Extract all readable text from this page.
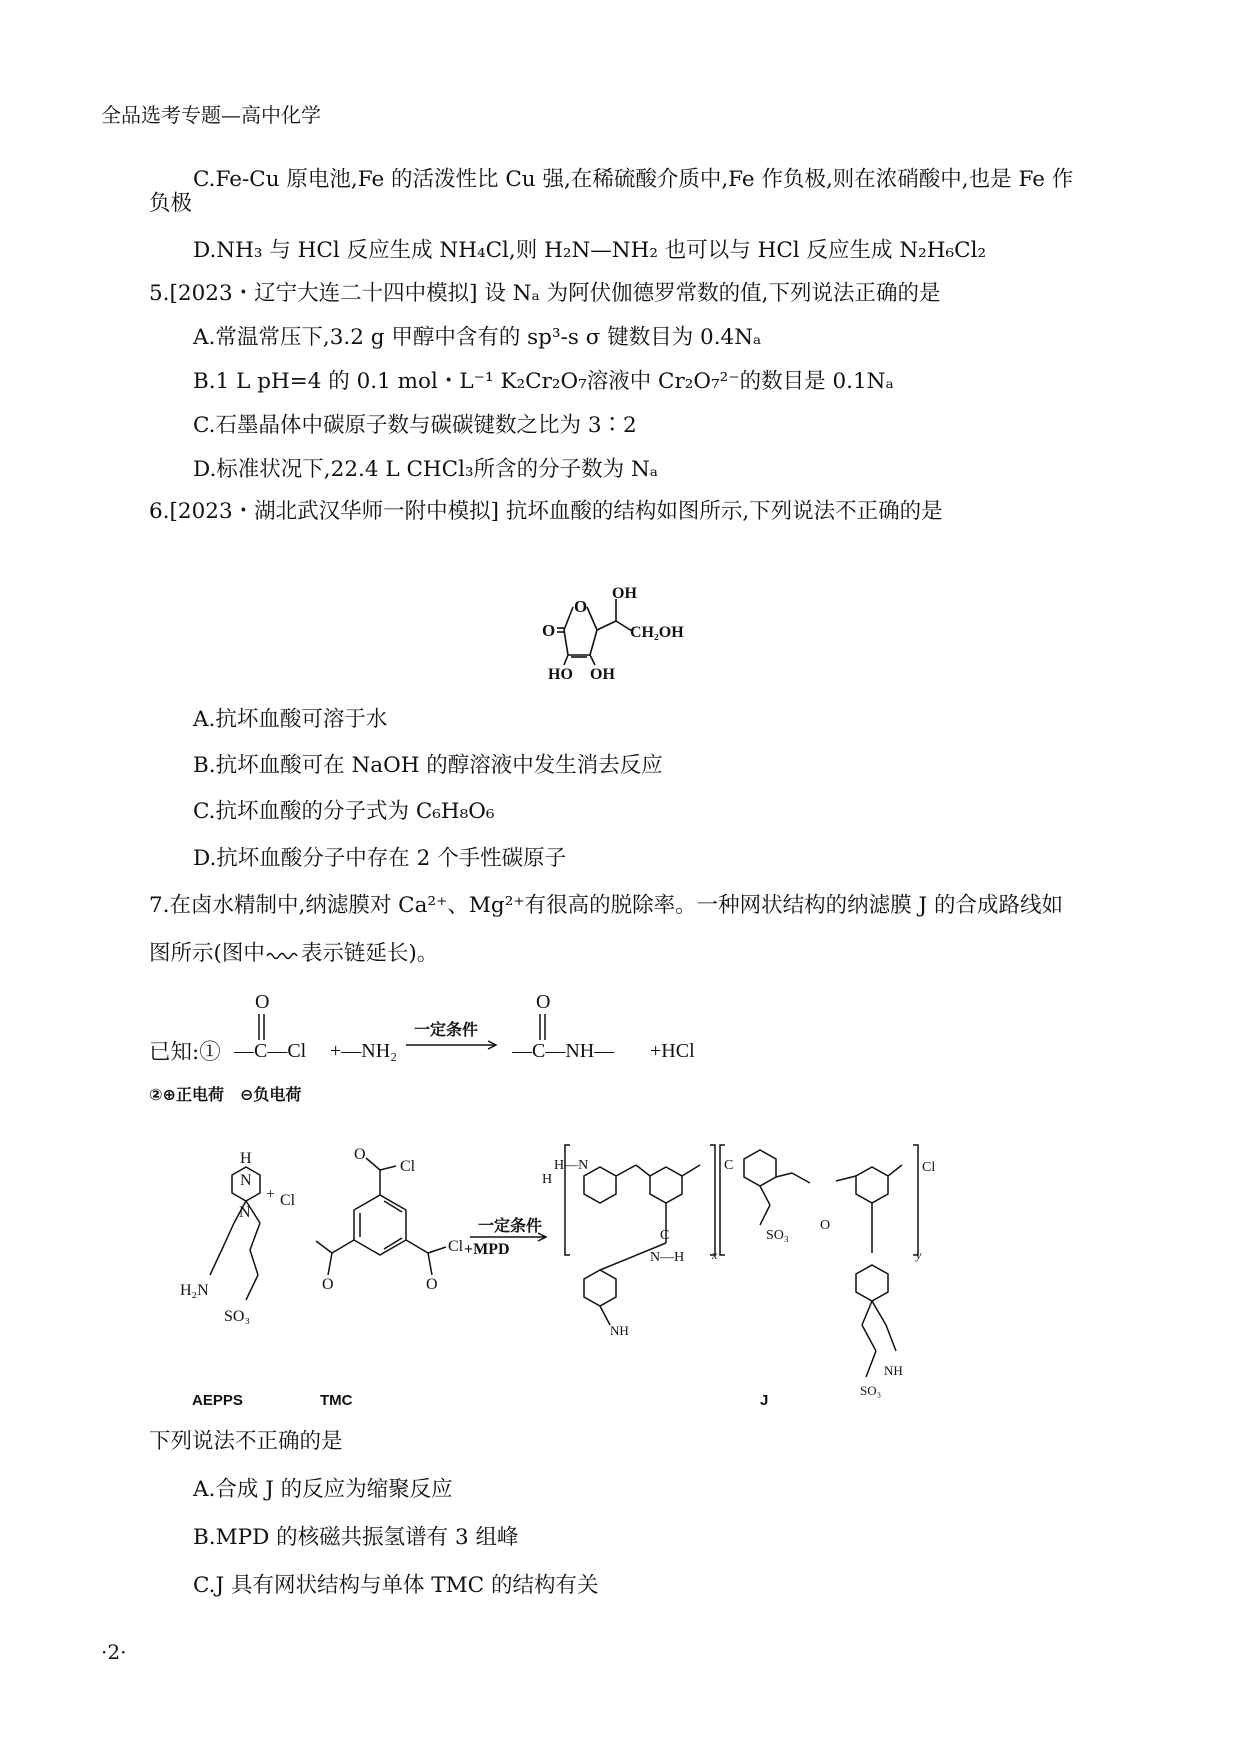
全品选考专题—高中化学
C.Fe-Cu 原电池,Fe 的活泼性比 Cu 强,在稀硫酸介质中,Fe 作负极,则在浓硝酸中,也是 Fe 作
负极
D.NH₃ 与 HCl 反应生成 NH₄Cl,则 H₂N—NH₂ 也可以与 HCl 反应生成 N₂H₆Cl₂
5.[2023・辽宁大连二十四中模拟] 设 Nₐ 为阿伏伽德罗常数的值,下列说法正确的是
A.常温常压下,3.2 g 甲醇中含有的 sp³-s σ 键数目为 0.4Nₐ
B.1 L pH=4 的 0.1 mol・L⁻¹ K₂Cr₂O₇溶液中 Cr₂O₇²⁻的数目是 0.1Nₐ
C.石墨晶体中碳原子数与碳碳键数之比为 3∶2
D.标准状况下,22.4 L CHCl₃所含的分子数为 Nₐ
6.[2023・湖北武汉华师一附中模拟] 抗坏血酸的结构如图所示,下列说法不正确的是
O
O
OH
CH₂OH
HO OH
A.抗坏血酸可溶于水
B.抗坏血酸可在 NaOH 的醇溶液中发生消去反应
C.抗坏血酸的分子式为 C₆H₈O₆
D.抗坏血酸分子中存在 2 个手性碳原子
7.在卤水精制中,纳滤膜对 Ca²⁺、Mg²⁺有很高的脱除率。一种网状结构的纳滤膜 J 的合成路线如
图所示(图中 表示链延长)。
已知:①
O
—C—Cl +—NH₂
一定条件
O
—C—NH— +HCl
②⊕正电荷　⊖负电荷
H
N
N
H₂N
SO₃
+ Cl
Cl
Cl
O
O	O
+MPD
一定条件
H
H—N	C	Cl
x	y
C
N—H
NH
SO₃
O
NH
SO₃
AEPPS	TMC	J
下列说法不正确的是
A.合成 J 的反应为缩聚反应
B.MPD 的核磁共振氢谱有 3 组峰
C.J 具有网状结构与单体 TMC 的结构有关
·2·
